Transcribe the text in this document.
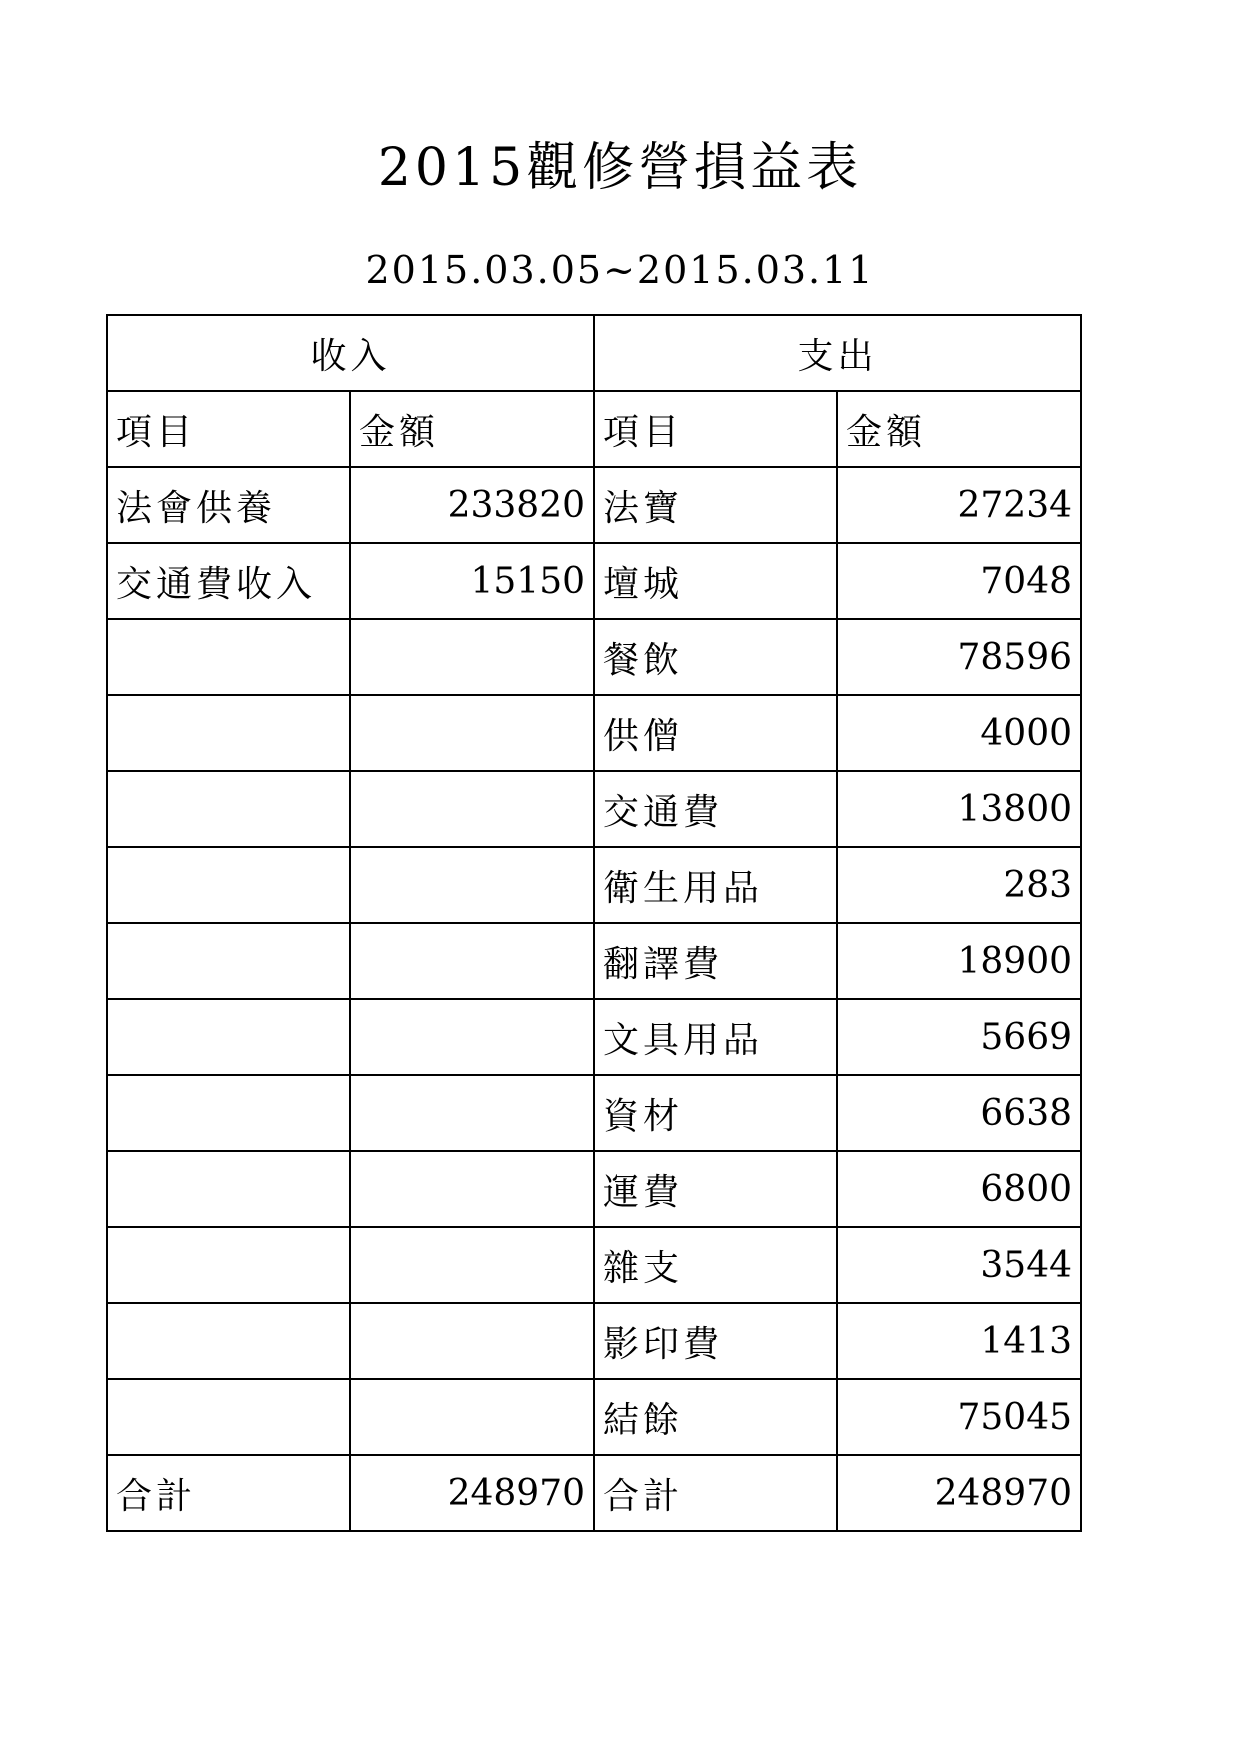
2015觀修營損益表
2015.03.05~2015.03.11
收入		支出	
項目	金額	項目	金額
法會供養	233820	法寶	27234
交通費收入	15150	壇城	7048
		餐飲	78596
		供僧	4000
		交通費	13800
		衛生用品	283
		翻譯費	18900
		文具用品	5669
		資材	6638
		運費	6800
		雜支	3544
		影印費	1413
		結餘	75045
合計	248970	合計	248970
